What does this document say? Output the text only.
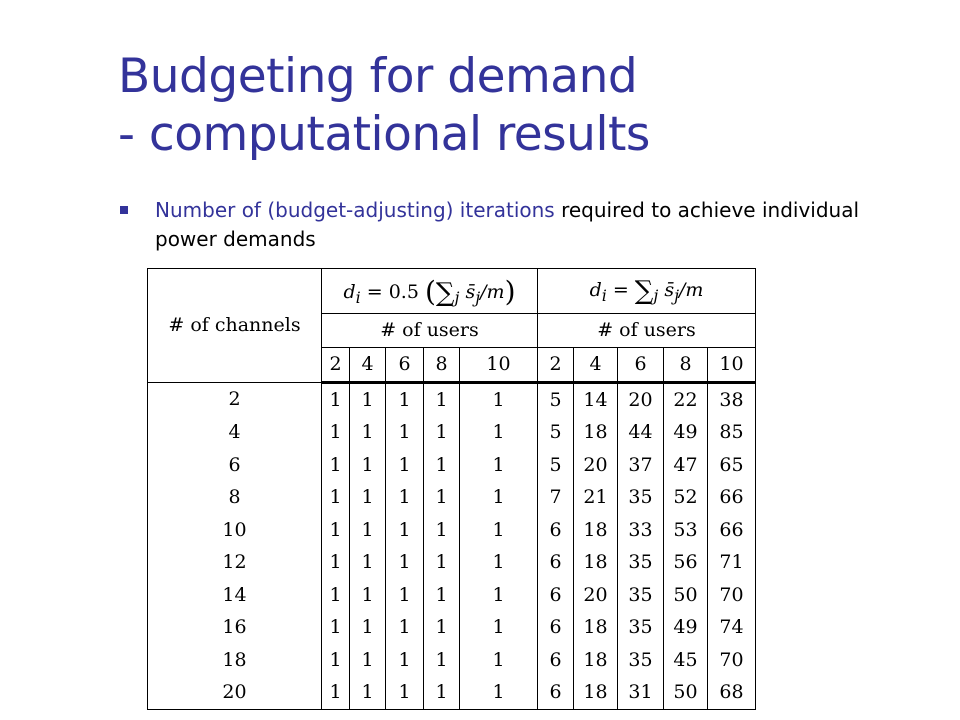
Budgeting for demand
- computational results
Number of (budget-adjusting) iterations required to achieve individual power demands
# of channels	$d_i = 0.5$ ($\sum_j$ $s̄_j/m$)					$d_i = \sum_j$ $s̄_j/m$				
	# of users					# of users				
	2	4	6	8	10	2	4	6	8	10
2	1	1	1	1	1	5	14	20	22	38
4	1	1	1	1	1	5	18	44	49	85
6	1	1	1	1	1	5	20	37	47	65
8	1	1	1	1	1	7	21	35	52	66
10	1	1	1	1	1	6	18	33	53	66
12	1	1	1	1	1	6	18	35	56	71
14	1	1	1	1	1	6	20	35	50	70
16	1	1	1	1	1	6	18	35	49	74
18	1	1	1	1	1	6	18	35	45	70
20	1	1	1	1	1	6	18	31	50	68
